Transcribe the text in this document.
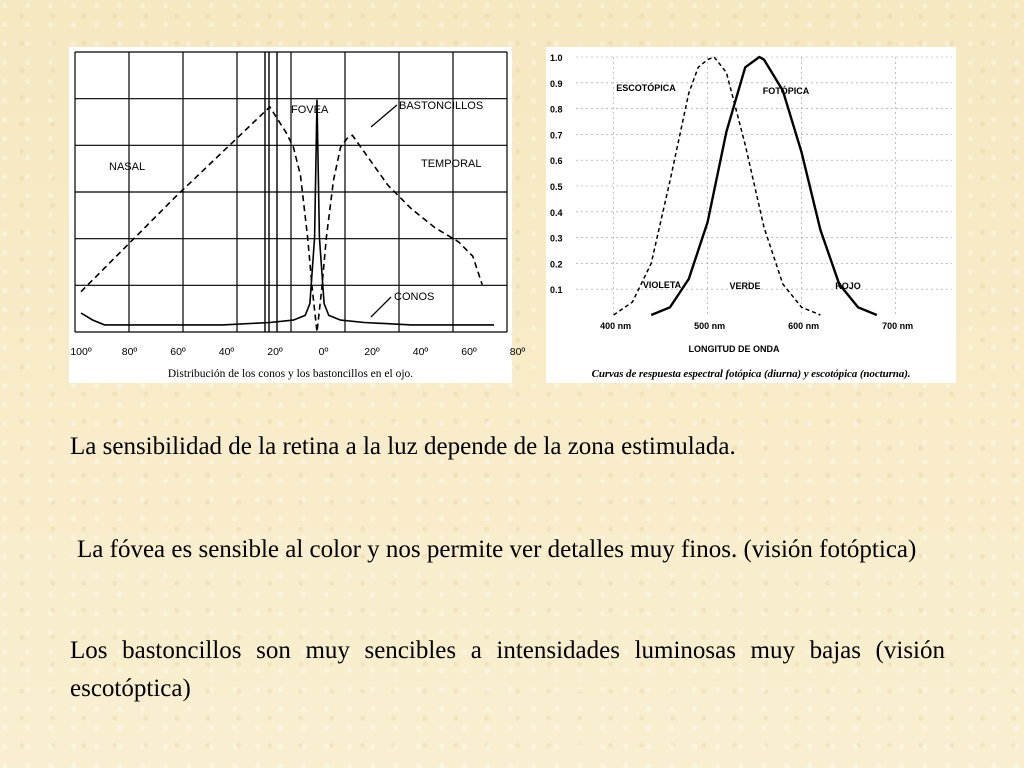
NASAL	TEMPORAL
FOVEA	BASTONCILLOS
CONOS
100º	80º	60º	40º	20º	0º	20º	40º	60º	80º
Distribución de los conos y los bastoncillos en el ojo.
0.1
0.2
0.3
0.4
0.5
0.6
0.7
0.8
0.9
1.0
400 nm	500 nm	600 nm	700 nm
LONGITUD DE ONDA
ESCOTÓPICA	FOTÓPICA
VIOLETA	VERDE	ROJO
Curvas de respuesta espectral fotópica (diurna) y escotópica (nocturna).

La sensibilidad de la retina a la luz depende de la zona estimulada.

La fóvea es sensible al color y nos permite ver detalles muy finos. (visión fotóptica)

Los bastoncillos son muy sencibles a intensidades luminosas muy bajas (visión escotóptica)
